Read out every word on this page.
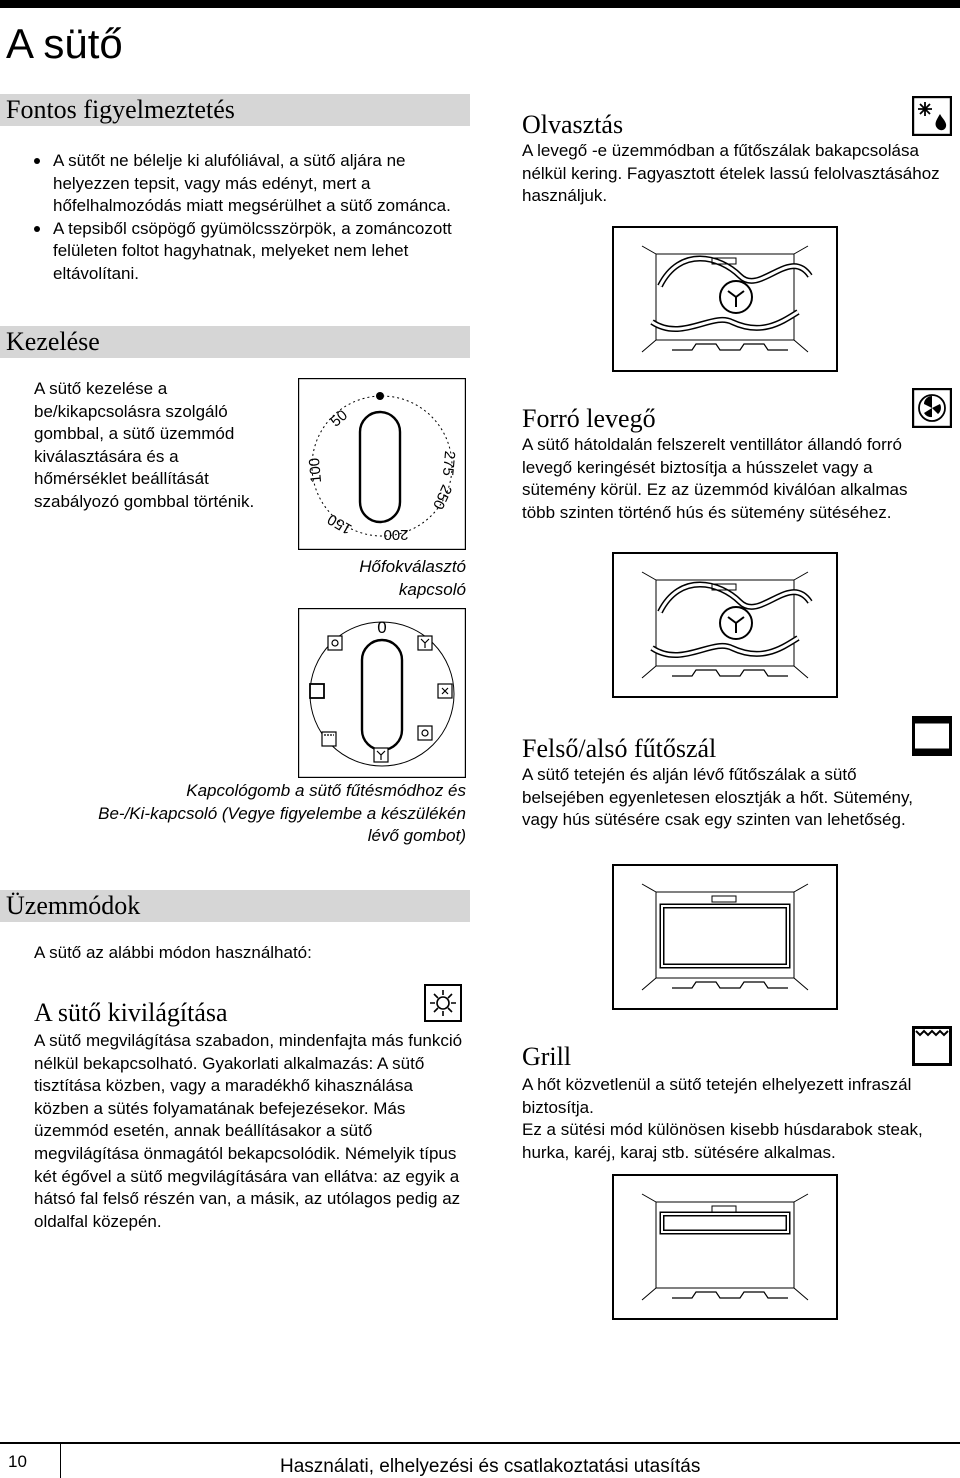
A sütő
Fontos figyelmeztetés
A sütőt ne bélelje ki alufóliával, a sütő aljára ne helyezzen tepsit, vagy más edényt, mert a hőfelhalmozódás miatt megsérülhet a sütő zománca.
A tepsiből csöpögő gyümölcsszörpök, a zománcozott felületen foltot hagyhatnak, melyeket nem lehet eltávolítani.
Kezelése
A sütő kezelése a be/kikapcsolásra szolgáló gombbal, a sütő üzemmód kiválasztására és a hőmérséklet beállítását szabályozó gombbal történik.
50
100
150 200
250
275
Hőfokválasztó
kapcsoló
0
Kapcológomb a sütő fűtésmódhoz és
Be-/Ki-kapcsoló (Vegye figyelembe a készülékén
lévő gombot)
Üzemmódok
A sütő az alábbi módon használható:
A sütő kivilágítása
A sütő megvilágítása szabadon, mindenfajta más funkció nélkül bekapcsolható. Gyakorlati alkalmazás: A sütő tisztítása közben, vagy a maradékhő kihasználása közben a sütés folyamatának befejezésekor. Más üzemmód esetén, annak beállításakor a sütő megvilágítása önmagától bekapcsolódik. Némelyik típus két égővel a sütő megvilágítására van ellátva: az egyik a hátsó fal felső részén van, a másik, az utólagos pedig az oldalfal közepén.
Olvasztás
A levegő -e üzemmódban a fűtőszálak bakapcsolása nélkül kering. Fagyasztott ételek lassú felolvasztásához használjuk.
Forró levegő
A sütő hátoldalán felszerelt ventillátor állandó forró levegő keringését biztosítja a hússzelet vagy a sütemény körül. Ez az üzemmód kiválóan alkalmas több szinten történő hús és sütemény sütéséhez.
Felső/alsó fűtőszál
A sütő tetején és alján lévő fűtőszálak a sütő belsejében egyenletesen elosztják a hőt. Sütemény, vagy hús sütésére csak egy szinten van lehetőség.
Grill
A hőt közvetlenül a sütő tetején elhelyezett infraszál biztosítja.
Ez a sütési mód különösen kisebb húsdarabok steak, hurka, karéj, karaj stb. sütésére alkalmas.
10	Használati, elhelyezési és csatlakoztatási utasítás
